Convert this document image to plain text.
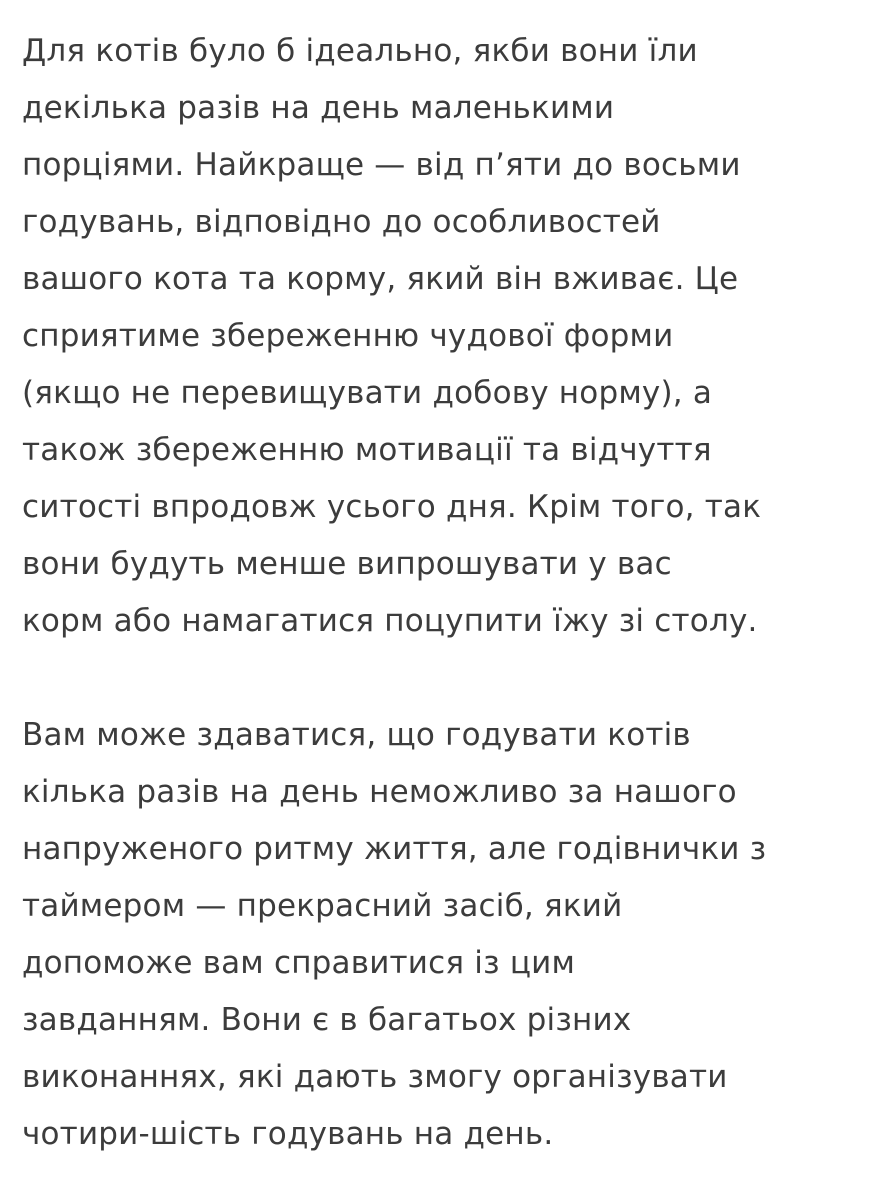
Для котів було б ідеально, якби вони їли
декілька разів на день маленькими
порціями. Найкраще — від п’яти до восьми
годувань, відповідно до особливостей
вашого кота та корму, який він вживає. Це
сприятиме збереженню чудової форми
(якщо не перевищувати добову норму), а
також збереженню мотивації та відчуття
ситості впродовж усього дня. Крім того, так
вони будуть менше випрошувати у вас
корм або намагатися поцупити їжу зі столу.

Вам може здаватися, що годувати котів
кілька разів на день неможливо за нашого
напруженого ритму життя, але годівнички з
таймером — прекрасний засіб, який
допоможе вам справитися із цим
завданням. Вони є в багатьох різних
виконаннях, які дають змогу організувати
чотири-шість годувань на день.
